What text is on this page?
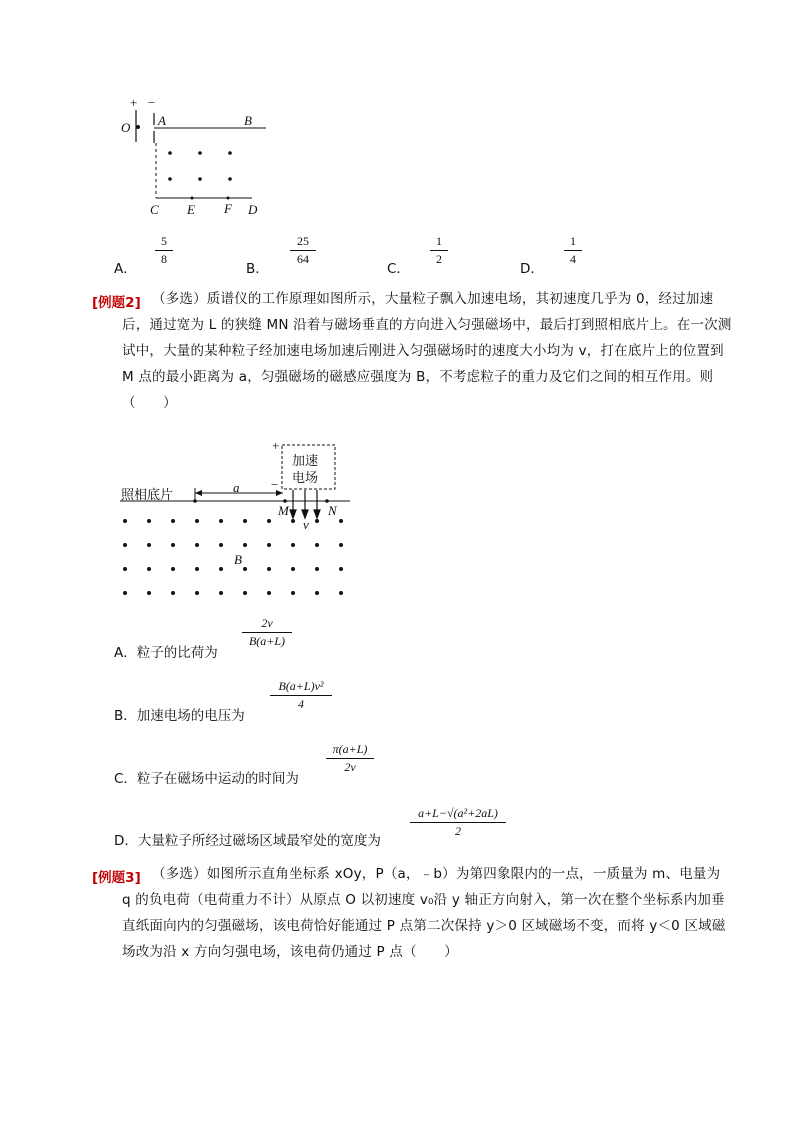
+ −
O A	B
C E F D
A．
5
8
B．
25
64
C．
1
2
D．
1
4
[例题2] （多选）质谱仪的工作原理如图所示，大量粒子飘入加速电场，其初速度几乎为 0，经过加速后，通过宽为 L 的狭缝 MN 沿着与磁场垂直的方向进入匀强磁场中，最后打到照相底片上。在一次测试中，大量的某种粒子经加速电场加速后刚进入匀强磁场时的速度大小均为 v，打在底片上的位置到 M 点的最小距离为 a，匀强磁场的磁感应强度为 B，不考虑粒子的重力及它们之间的相互作用。则（　　）
照相底片
加速
电场
+
−
a
M	N
v
B
A．粒子的比荷为
2v
B(a+L)
B．加速电场的电压为
B(a+L)v²
4
C．粒子在磁场中运动的时间为
π(a+L)
2v
D．大量粒子所经过磁场区域最窄处的宽度为
a+L−√(a²+2aL)
2
[例题3] （多选）如图所示直角坐标系 xOy，P（a，﹣b）为第四象限内的一点，一质量为 m、电量为 q 的负电荷（电荷重力不计）从原点 O 以初速度 v₀沿 y 轴正方向射入，第一次在整个坐标系内加垂直纸面向内的匀强磁场，该电荷恰好能通过 P 点第二次保持 y＞0 区域磁场不变，而将 y＜0 区域磁场改为沿 x 方向匀强电场，该电荷仍通过 P 点（　　）
